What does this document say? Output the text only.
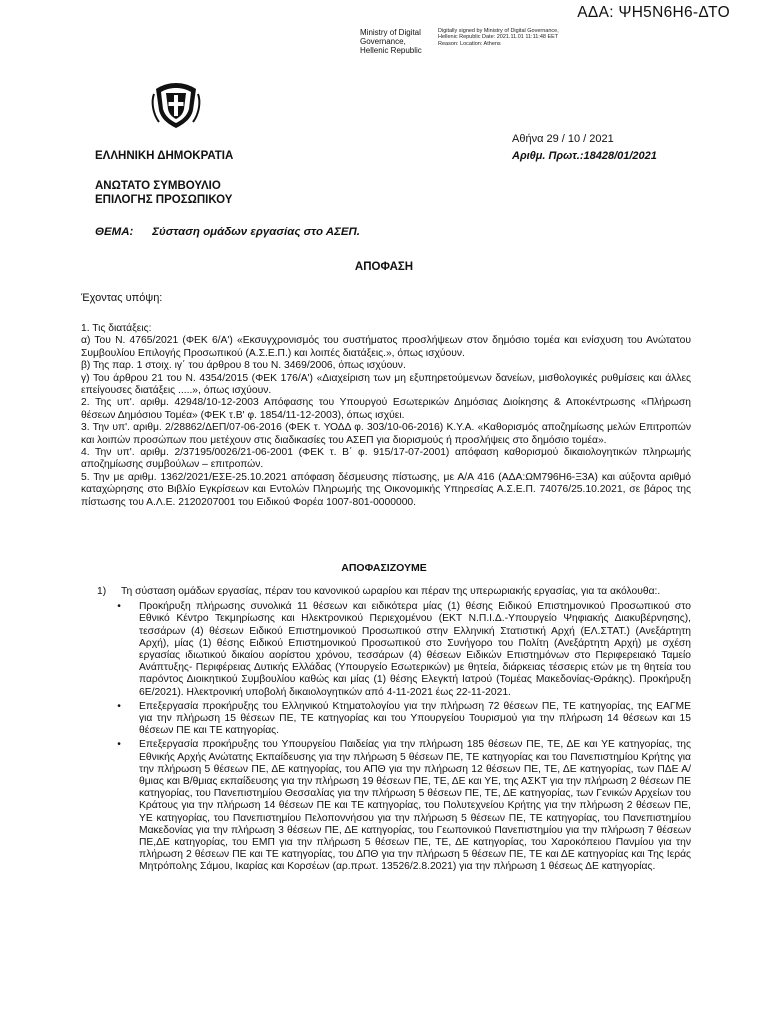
ΑΔΑ: ΨΗ5Ν6Η6-ΔΤΟ
Ministry of Digital Governance, Hellenic Republic
Digitally signed by Ministry of Digital Governance, Hellenic Republic Date: 2021.11.01 11:11:48 EET Reason: Location: Athens
Αθήνα 29 / 10 / 2021
Αριθμ. Πρωτ.:18428/01/2021
ΕΛΛΗΝΙΚΗ ΔΗΜΟΚΡΑΤΙΑ
ΑΝΩΤΑΤΟ ΣΥΜΒΟΥΛΙΟ
ΕΠΙΛΟΓΗΣ ΠΡΟΣΩΠΙΚΟΥ
ΘΕΜΑ: Σύσταση ομάδων εργασίας στο ΑΣΕΠ.
ΑΠΟΦΑΣΗ
Έχοντας υπόψη:

1. Τις διατάξεις:

α) Του Ν. 4765/2021 (ΦΕΚ 6/Α') «Εκσυγχρονισμός του συστήματος προσλήψεων στον δημόσιο τομέα και ενίσχυση του Ανώτατου Συμβουλίου Επιλογής Προσωπικού (Α.Σ.Ε.Π.) και λοιπές διατάξεις.», όπως ισχύουν.

β) Της παρ. 1 στοιχ. ιγ΄ του άρθρου 8 του Ν. 3469/2006, όπως ισχύουν.

γ) Του άρθρου 21 του Ν. 4354/2015 (ΦΕΚ 176/Α') «Διαχείριση των μη εξυπηρετούμενων δανείων, μισθολογικές ρυθμίσεις και άλλες επείγουσες διατάξεις .....», όπως ισχύουν.

2. Της υπ'. αριθμ. 42948/10-12-2003 Απόφασης του Υπουργού Εσωτερικών Δημόσιας Διοίκησης & Αποκέντρωσης «Πλήρωση θέσεων Δημόσιου Τομέα» (ΦΕΚ τ.Β' φ. 1854/11-12-2003), όπως ισχύει.

3. Την υπ'. αριθμ. 2/28862/ΔΕΠ/07-06-2016 (ΦΕΚ τ. ΥΟΔΔ φ. 303/10-06-2016) Κ.Υ.Α. «Καθορισμός αποζημίωσης μελών Επιτροπών και λοιπών προσώπων που μετέχουν στις διαδικασίες του ΑΣΕΠ για διορισμούς ή προσλήψεις στο δημόσιο τομέα».

4. Την υπ'. αριθμ. 2/37195/0026/21-06-2001 (ΦΕΚ τ. Β΄ φ. 915/17-07-2001) απόφαση καθορισμού δικαιολογητικών πληρωμής αποζημίωσης συμβούλων – επιτροπών.

5. Την με αριθμ. 1362/2021/ΕΣΕ-25.10.2021 απόφαση δέσμευσης πίστωσης, με Α/Α 416 (ΑΔΑ:ΩΜ796Η6-Ξ3Α) και αύξοντα αριθμό καταχώρησης στο Βιβλίο Εγκρίσεων και Εντολών Πληρωμής της Οικονομικής Υπηρεσίας Α.Σ.Ε.Π. 74076/25.10.2021, σε βάρος της πίστωσης του Α.Λ.Ε. 2120207001 του Ειδικού Φορέα 1007-801-0000000.

ΑΠΟΦΑΣΙΖΟΥΜΕ
1)	Τη σύσταση ομάδων εργασίας, πέραν του κανονικού ωραρίου και πέραν της υπερωριακής εργασίας, για τα ακόλουθα:.
•	Προκήρυξη πλήρωσης συνολικά 11 θέσεων και ειδικότερα μίας (1) θέσης Ειδικού Επιστημονικού Προσωπικού στο Εθνικό Κέντρο Τεκμηρίωσης και Ηλεκτρονικού Περιεχομένου (ΕΚΤ Ν.Π.Ι.Δ.-Υπουργείο Ψηφιακής Διακυβέρνησης), τεσσάρων (4) θέσεων Ειδικού Επιστημονικού Προσωπικού στην Ελληνική Στατιστική Αρχή (ΕΛ.ΣΤΑΤ.) (Ανεξάρτητη Αρχή), μίας (1) θέσης Ειδικού Επιστημονικού Προσωπικού στο Συνήγορο του Πολίτη (Ανεξάρτητη Αρχή) με σχέση εργασίας ιδιωτικού δικαίου αορίστου χρόνου, τεσσάρων (4) θέσεων Ειδικών Επιστημόνων στο Περιφερειακό Ταμείο Ανάπτυξης- Περιφέρειας Δυτικής Ελλάδας (Υπουργείο Εσωτερικών) με θητεία, διάρκειας τέσσερις ετών με τη θητεία του παρόντος Διοικητικού Συμβουλίου καθώς και μίας (1) θέσης Ελεγκτή Ιατρού (Τομέας Μακεδονίας-Θράκης). Προκήρυξη 6Ε/2021). Ηλεκτρονική υποβολή δικαιολογητικών από 4-11-2021 έως 22-11-2021.
•	Επεξεργασία προκήρυξης του Ελληνικού Κτηματολογίου για την πλήρωση 72 θέσεων ΠΕ, ΤΕ κατηγορίας, της ΕΑΓΜΕ για την πλήρωση 15 θέσεων ΠΕ, ΤΕ κατηγορίας και του Υπουργείου Τουρισμού για την πλήρωση 14 θέσεων και 15 θέσεων ΠΕ και ΤΕ κατηγορίας.
•	Επεξεργασία προκήρυξης του Υπουργείου Παιδείας για την πλήρωση 185 θέσεων ΠΕ, ΤΕ, ΔΕ και ΥΕ κατηγορίας, της Εθνικής Αρχής Ανώτατης Εκπαίδευσης για την πλήρωση 5 θέσεων ΠΕ, ΤΕ κατηγορίας και του Πανεπιστημίου Κρήτης για την πλήρωση 5 θέσεων ΠΕ, ΔΕ κατηγορίας, του ΑΠΘ για την πλήρωση 12 θέσεων ΠΕ, ΤΕ, ΔΕ κατηγορίας, των ΠΔΕ Α/θμιας και Β/θμιας εκπαίδευσης για την πλήρωση 19 θέσεων ΠΕ, ΤΕ, ΔΕ και ΥΕ, της ΑΣΚΤ για την πλήρωση 2 θέσεων ΠΕ κατηγορίας, του Πανεπιστημίου Θεσσαλίας για την πλήρωση 5 θέσεων ΠΕ, ΤΕ, ΔΕ κατηγορίας, των Γενικών Αρχείων του Κράτους για την πλήρωση 14 θέσεων ΠΕ και ΤΕ κατηγορίας, του Πολυτεχνείου Κρήτης για την πλήρωση 2 θέσεων ΠΕ, ΥΕ κατηγορίας, του Πανεπιστημίου Πελοποννήσου για την πλήρωση 5 θέσεων ΠΕ, ΤΕ κατηγορίας, του Πανεπιστημίου Μακεδονίας για την πλήρωση 3 θέσεων ΠΕ, ΔΕ κατηγορίας, του Γεωπονικού Πανεπιστημίου για την πλήρωση 7 θέσεων ΠΕ,ΔΕ κατηγορίας, του ΕΜΠ για την πλήρωση 5 θέσεων ΠΕ, ΤΕ, ΔΕ κατηγορίας, του Χαροκόπειου Πανμίου για την πλήρωση 2 θέσεων ΠΕ και ΤΕ κατηγορίας, του ΔΠΘ για την πλήρωση 5 θέσεων ΠΕ, ΤΕ και ΔΕ κατηγορίας και Της Ιεράς Μητρόπολης Σάμου, Ικαρίας και Κορσέων (αρ.πρωτ. 13526/2.8.2021) για την πλήρωση 1 θέσεως ΔΕ κατηγορίας.
